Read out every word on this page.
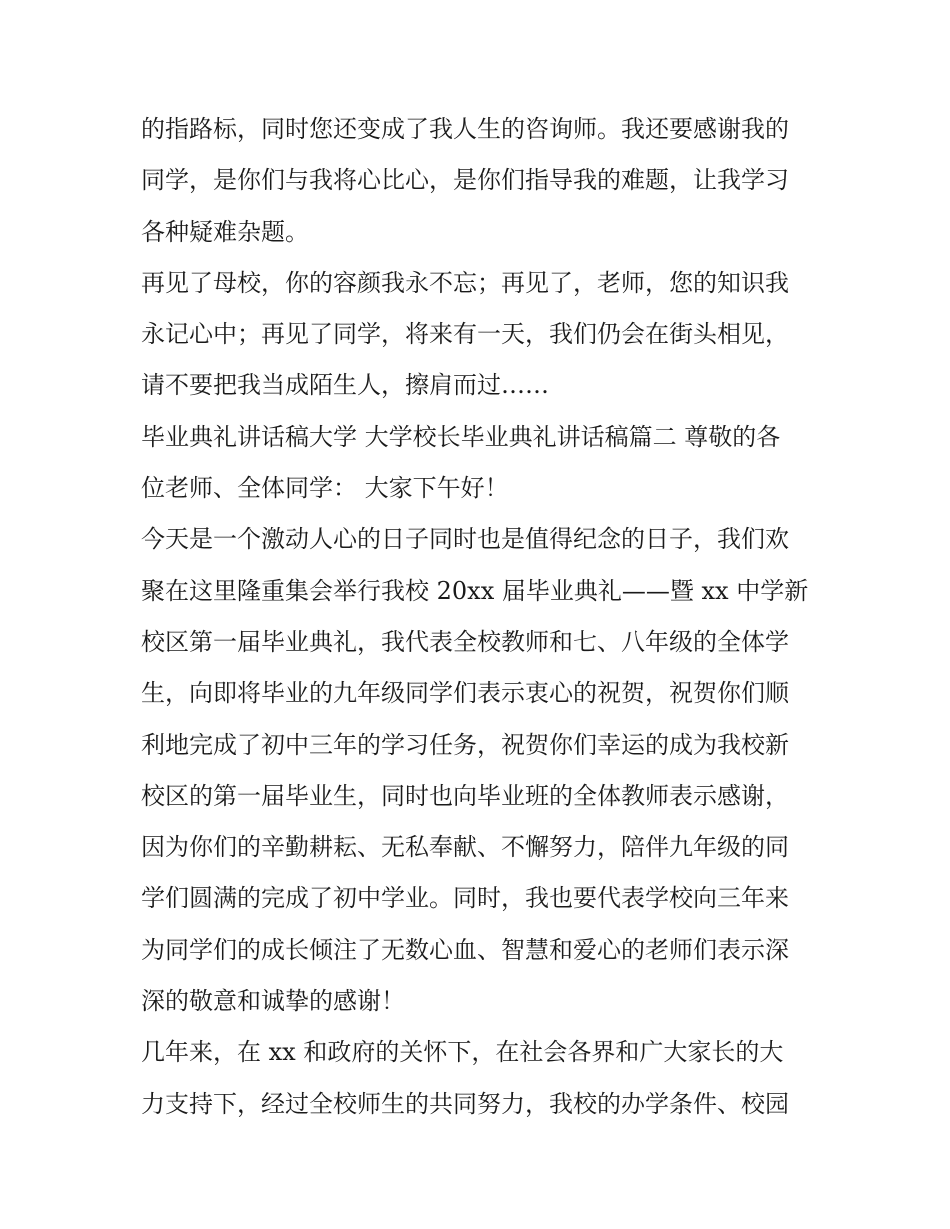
的指路标，同时您还变成了我人生的咨询师。我还要感谢我的
同学，是你们与我将心比心，是你们指导我的难题，让我学习
各种疑难杂题。

再见了母校，你的容颜我永不忘；再见了，老师，您的知识我
永记心中；再见了同学，将来有一天，我们仍会在街头相见，
请不要把我当成陌生人，擦肩而过……

毕业典礼讲话稿大学 大学校长毕业典礼讲话稿篇二 尊敬的各
位老师、全体同学： 大家下午好！

今天是一个激动人心的日子同时也是值得纪念的日子，我们欢
聚在这里隆重集会举行我校 20xx 届毕业典礼——暨 xx 中学新
校区第一届毕业典礼，我代表全校教师和七、八年级的全体学
生，向即将毕业的九年级同学们表示衷心的祝贺，祝贺你们顺
利地完成了初中三年的学习任务，祝贺你们幸运的成为我校新
校区的第一届毕业生，同时也向毕业班的全体教师表示感谢，
因为你们的辛勤耕耘、无私奉献、不懈努力，陪伴九年级的同
学们圆满的完成了初中学业。同时，我也要代表学校向三年来
为同学们的成长倾注了无数心血、智慧和爱心的老师们表示深
深的敬意和诚挚的感谢！

几年来，在 xx 和政府的关怀下，在社会各界和广大家长的大
力支持下，经过全校师生的共同努力，我校的办学条件、校园
